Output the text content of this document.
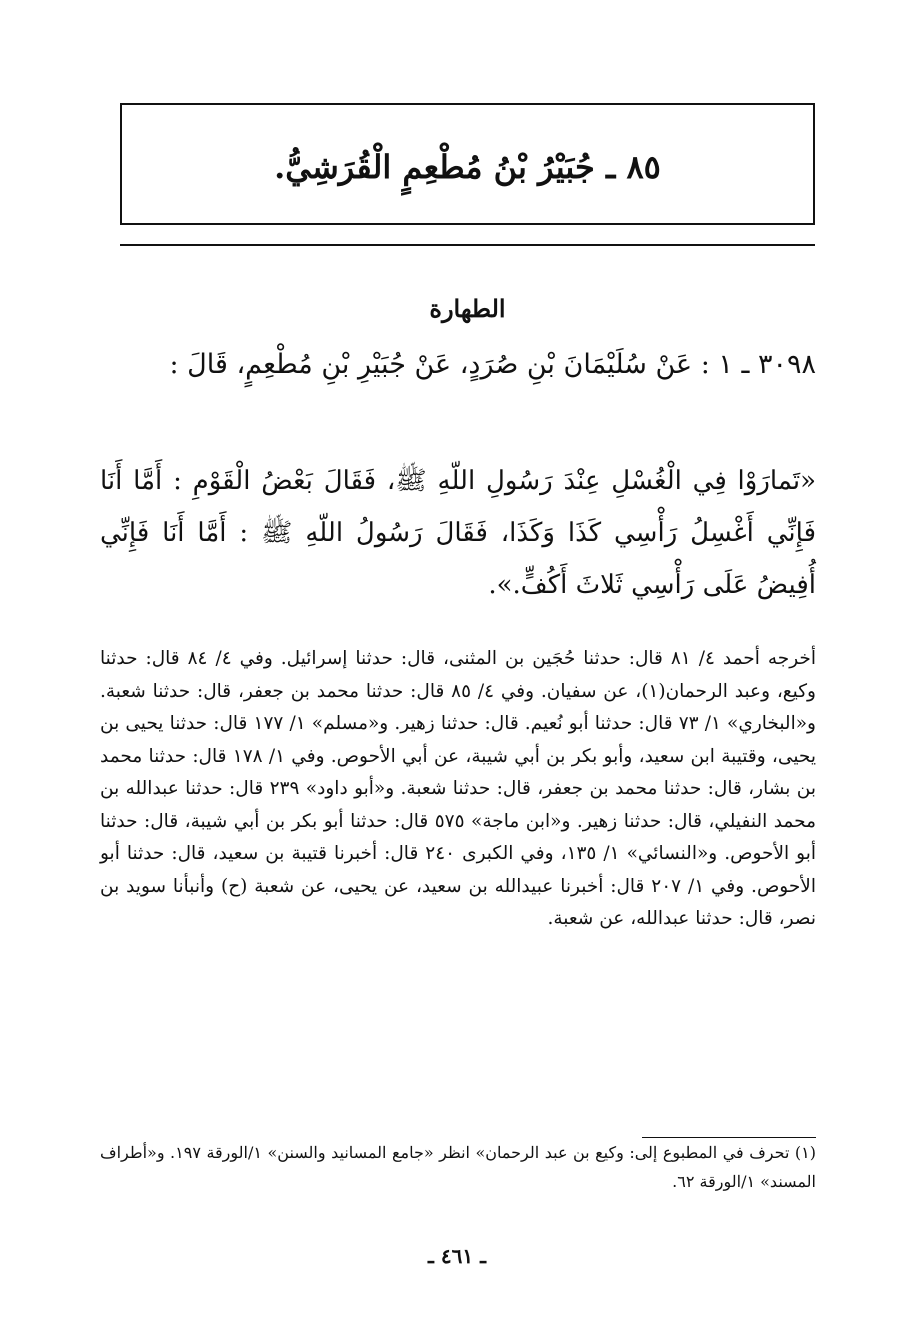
٨٥ ـ جُبَيْرُ بْنُ مُطْعِمٍ الْقُرَشِيُّ.
الطهارة
٣٠٩٨ ـ ١ : عَنْ سُلَيْمَانَ بْنِ صُرَدٍ، عَنْ جُبَيْرِ بْنِ مُطْعِمٍ، قَالَ :
«تَمارَوْا فِي الْغُسْلِ عِنْدَ رَسُولِ اللّهِ ﷺ، فَقَالَ بَعْضُ الْقَوْمِ : أَمَّا أَنَا فَإِنِّي أَغْسِلُ رَأْسِي كَذَا وَكَذَا، فَقَالَ رَسُولُ اللّهِ ﷺ : أَمَّا أَنَا فَإِنِّي أُفِيضُ عَلَى رَأْسِي ثَلاثَ أَكُفٍّ.».
أخرجه أحمد ٤/ ٨١ قال: حدثنا حُجَين بن المثنى، قال: حدثنا إسرائيل. وفي ٤/ ٨٤ قال: حدثنا وكيع، وعبد الرحمان(١)، عن سفيان. وفي ٤/ ٨٥ قال: حدثنا محمد بن جعفر، قال: حدثنا شعبة. و«البخاري» ١/ ٧٣ قال: حدثنا أبو نُعيم. قال: حدثنا زهير. و«مسلم» ١/ ١٧٧ قال: حدثنا يحيى بن يحيى، وقتيبة ابن سعيد، وأبو بكر بن أبي شيبة، عن أبي الأحوص. وفي ١/ ١٧٨ قال: حدثنا محمد بن بشار، قال: حدثنا محمد بن جعفر، قال: حدثنا شعبة. و«أبو داود» ٢٣٩ قال: حدثنا عبدالله بن محمد النفيلي، قال: حدثنا زهير. و«ابن ماجة» ٥٧٥ قال: حدثنا أبو بكر بن أبي شيبة، قال: حدثنا أبو الأحوص. و«النسائي» ١/ ١٣٥، وفي الكبرى ٢٤٠ قال: أخبرنا قتيبة بن سعيد، قال: حدثنا أبو الأحوص. وفي ١/ ٢٠٧ قال: أخبرنا عبيدالله بن سعيد، عن يحيى، عن شعبة (ح) وأنبأنا سويد بن نصر، قال: حدثنا عبدالله، عن شعبة.
(١) تحرف في المطبوع إلى: وكيع بن عبد الرحمان» انظر «جامع المسانيد والسنن» ١/الورقة ١٩٧. و«أطراف المسند» ١/الورقة ٦٢.
ـ ٤٦١ ـ
